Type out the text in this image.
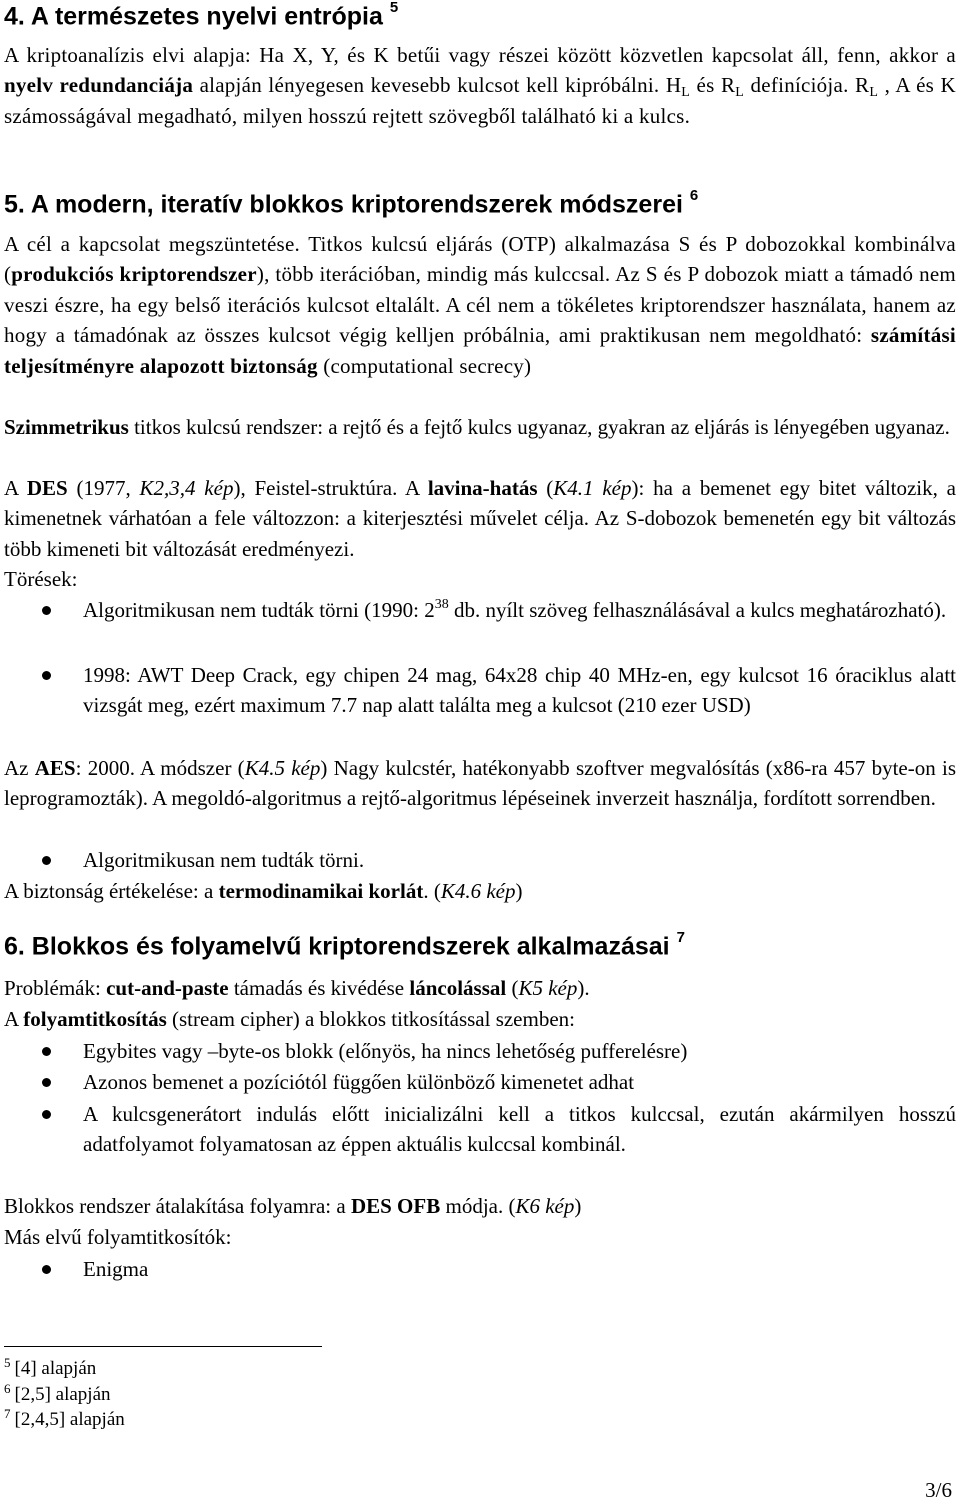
4. A természetes nyelvi entrópia $^5$

A kriptoanalízis elvi alapja: Ha X, Y, és K betűi vagy részei között közvetlen kapcsolat áll, fenn, akkor a nyelv redundanciája alapján lényegesen kevesebb kulcsot kell kipróbálni. $H_L$ és $R_L$ definíciója. $R_L$ , A és K számosságával megadható, milyen hosszú rejtett szövegből található ki a kulcs.

5. A modern, iteratív blokkos kriptorendszerek módszerei $^6$

A cél a kapcsolat megszüntetése. Titkos kulcsú eljárás (OTP) alkalmazása S és P dobozokkal kombinálva (produkciós kriptorendszer), több iterációban, mindig más kulccsal. Az S és P dobozok miatt a támadó nem veszi észre, ha egy belső iterációs kulcsot eltalált. A cél nem a tökéletes kriptorendszer használata, hanem az hogy a támadónak az összes kulcsot végig kelljen próbálnia, ami praktikusan nem megoldható: számítási teljesítményre alapozott biztonság (computational secrecy)

Szimmetrikus titkos kulcsú rendszer: a rejtő és a fejtő kulcs ugyanaz, gyakran az eljárás is lényegében ugyanaz.

A DES (1977, K2,3,4 kép), Feistel-struktúra. A lavina-hatás (K4.1 kép): ha a bemenet egy bitet változik, a kimenetnek várhatóan a fele változzon: a kiterjesztési művelet célja. Az S-dobozok bemenetén egy bit változás több kimeneti bit változását eredményezi.

Törések:

Algoritmikusan nem tudták törni (1990: $2^{38}$ db. nyílt szöveg felhasználásával a kulcs meghatározható).

1998: AWT Deep Crack, egy chipen 24 mag, 64x28 chip 40 MHz-en, egy kulcsot 16 óraciklus alatt vizsgát meg, ezért maximum 7.7 nap alatt találta meg a kulcsot (210 ezer USD)

Az AES: 2000. A módszer (K4.5 kép) Nagy kulcstér, hatékonyabb szoftver megvalósítás (x86-ra 457 byte-on is leprogramozták). A megoldó-algoritmus a rejtő-algoritmus lépéseinek inverzeit használja, fordított sorrendben.

Algoritmikusan nem tudták törni.

A biztonság értékelése: a termodinamikai korlát. (K4.6 kép)
6. Blokkos és folyamelvű kriptorendszerek alkalmazásai $^7$
Problémák: cut-and-paste támadás és kivédése láncolással (K5 kép).
A folyamtitkosítás (stream cipher) a blokkos titkosítással szemben:

Egybites vagy –byte-os blokk (előnyös, ha nincs lehetőség pufferelésre)

Azonos bemenet a pozíciótól függően különböző kimenetet adhat

A kulcsgenerátort indulás előtt inicializálni kell a titkos kulccsal, ezután akármilyen hosszú adatfolyamot folyamatosan az éppen aktuális kulccsal kombinál.

Blokkos rendszer átalakítása folyamra: a DES OFB módja. (K6 kép)
Más elvű folyamtitkosítók:

Enigma

$^5$ [4] alapján
$^6$ [2,5] alapján
$^7$ [2,4,5] alapján
3/6
